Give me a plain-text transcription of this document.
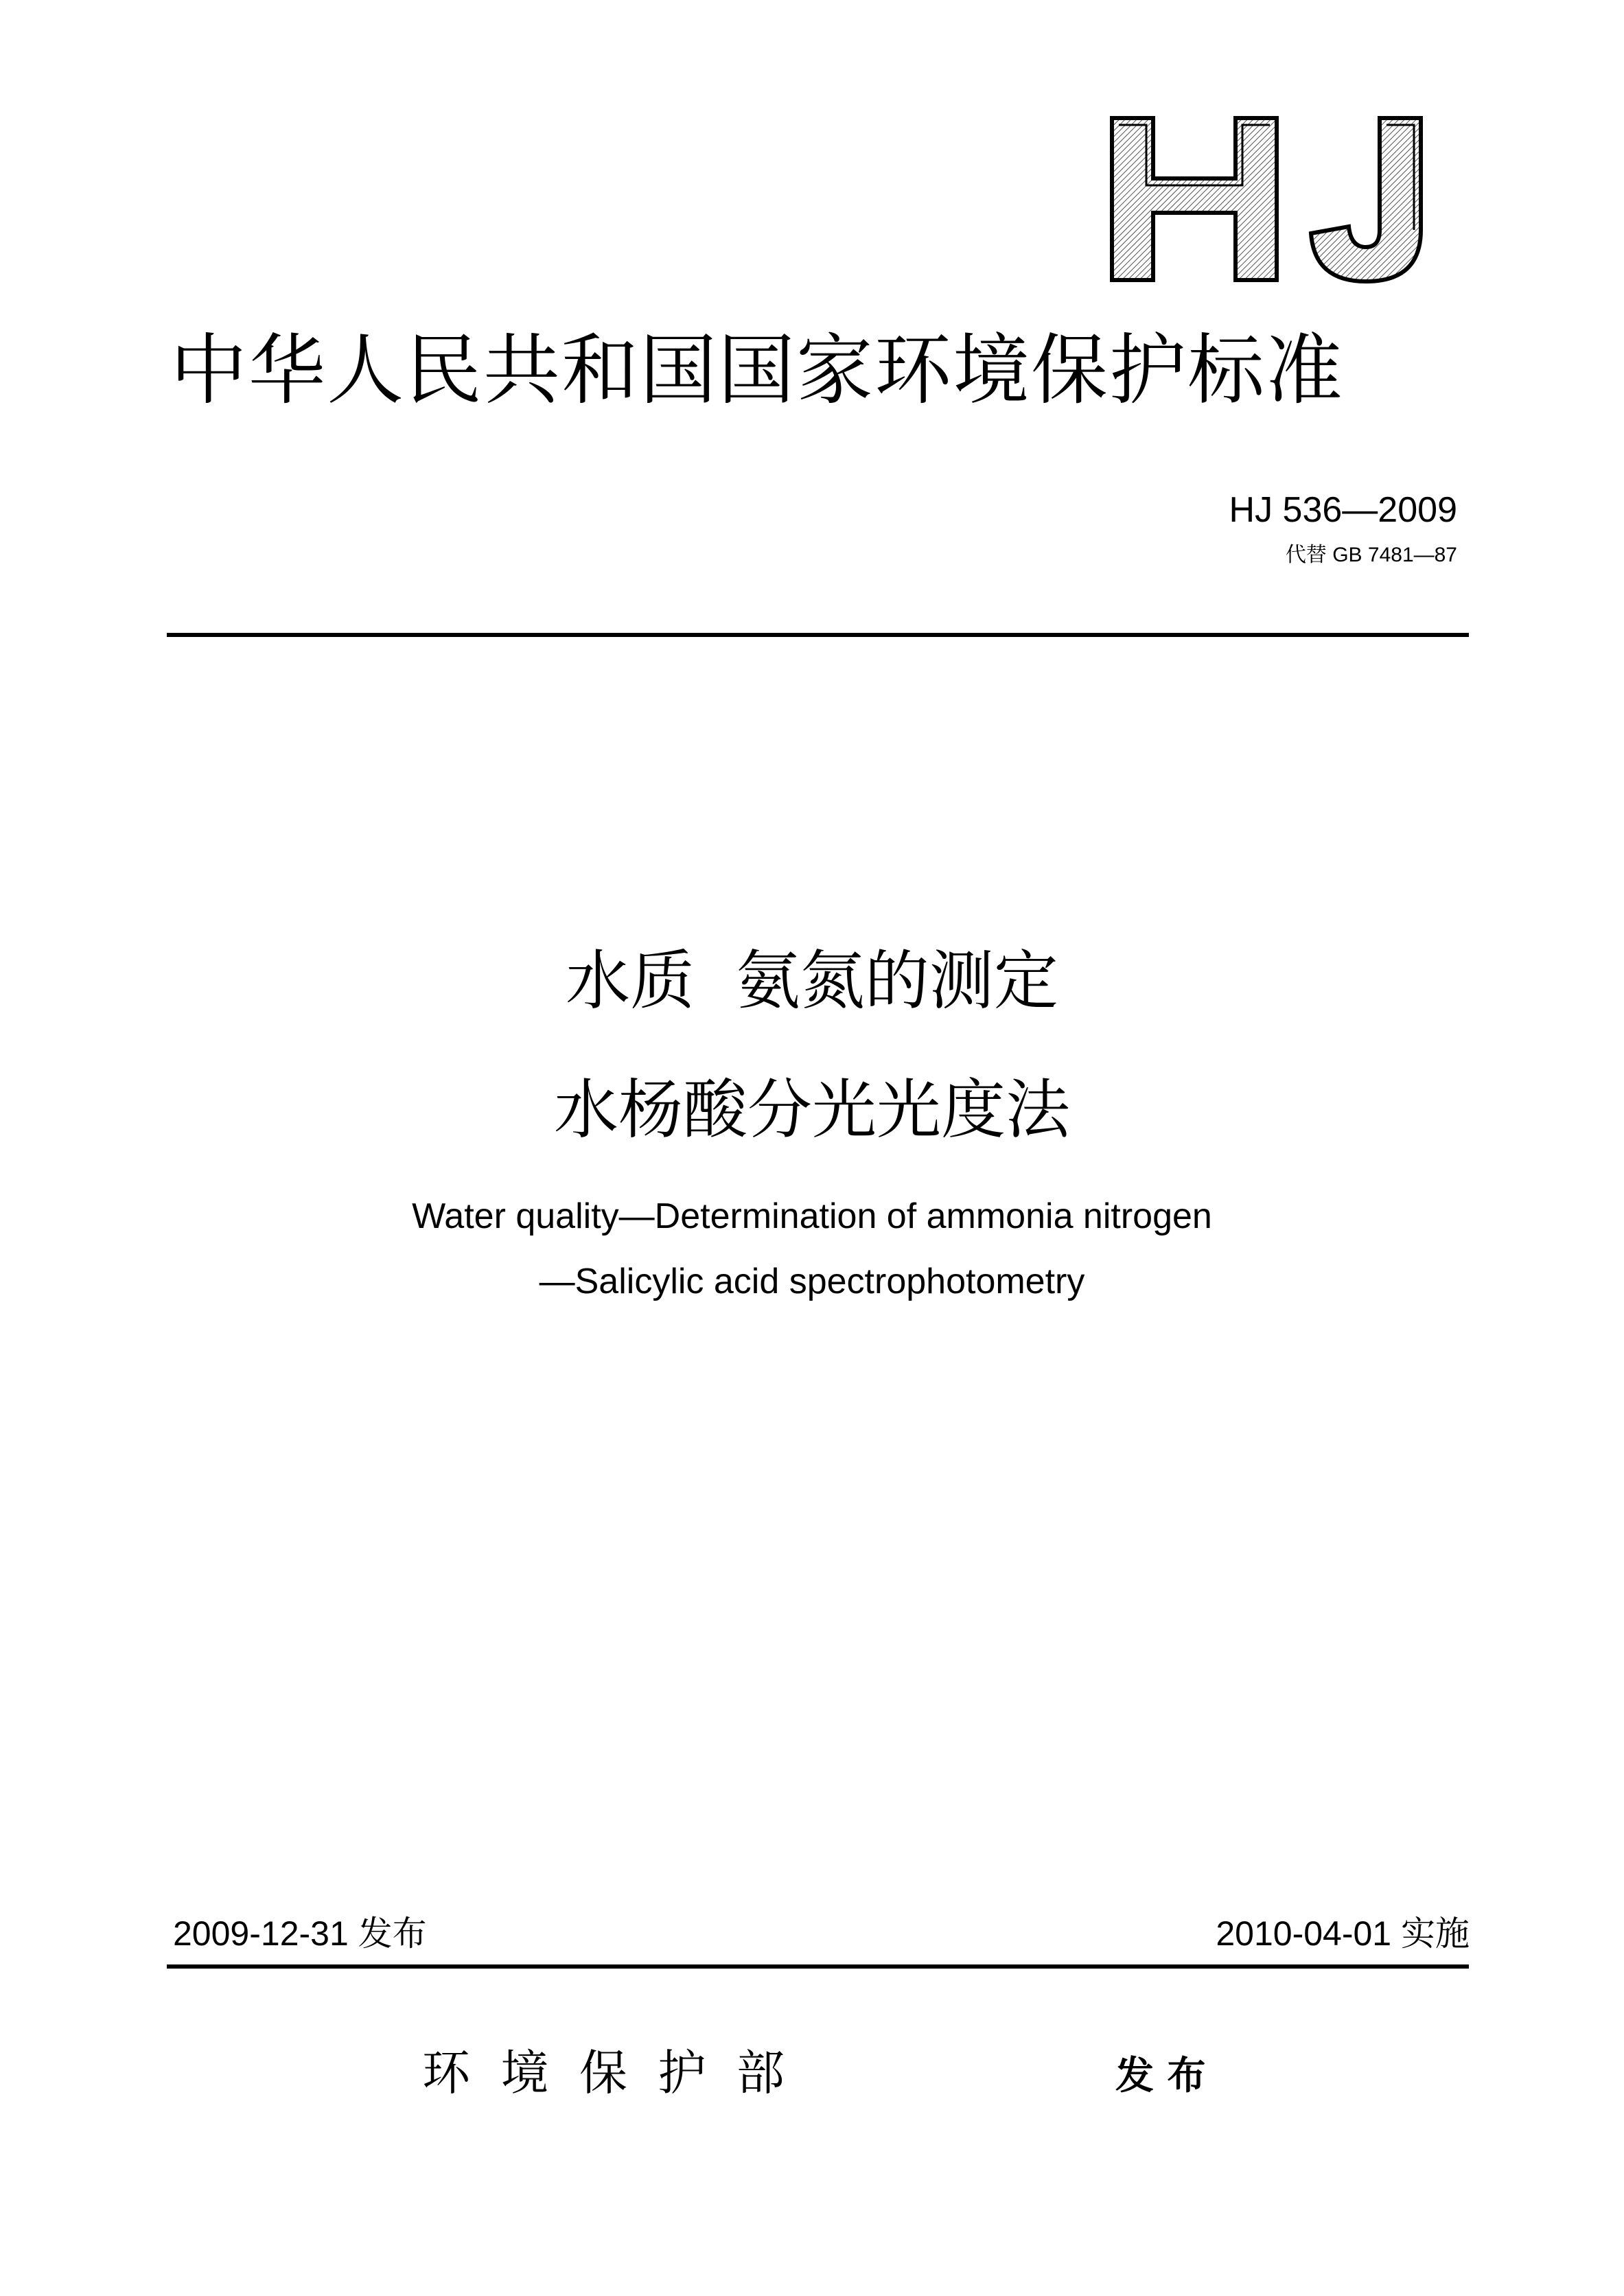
中华人民共和国国家环境保护标准
HJ 536—2009
代替 GB 7481—87
水质  氨氮的测定
水杨酸分光光度法
Water quality—Determination of ammonia nitrogen
—Salicylic acid spectrophotometry
2009-12-31 发布	2010-04-01 实施
环  境  保  护  部	发 布
